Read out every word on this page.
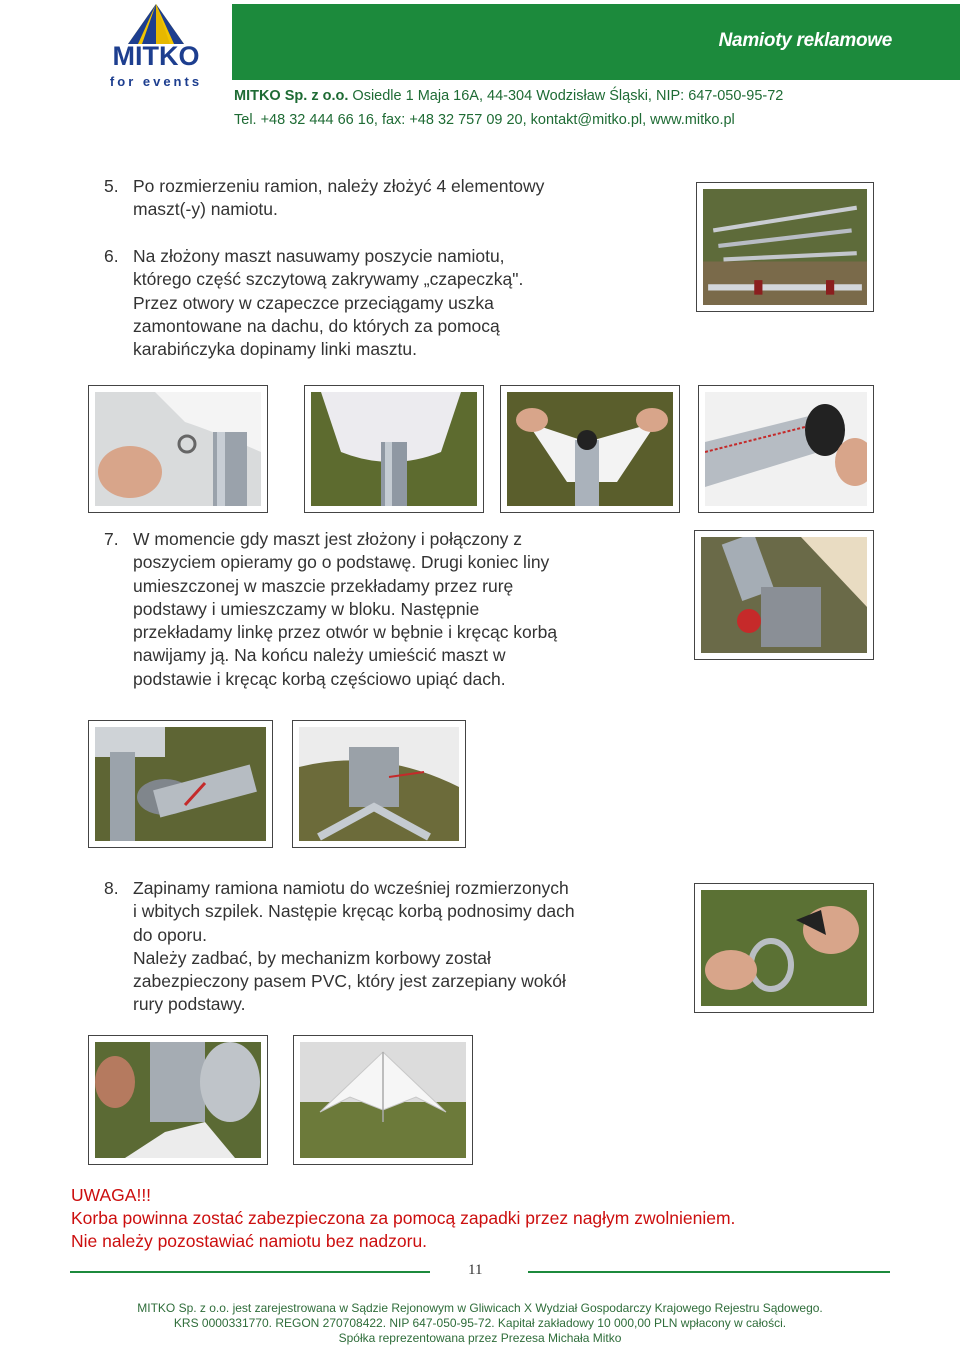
MITKO
for events
Namioty reklamowe
MITKO Sp. z o.o. Osiedle 1 Maja 16A, 44-304 Wodzisław Śląski, NIP: 647-050-95-72
Tel. +48 32 444 66 16, fax: +48 32 757 09 20, kontakt@mitko.pl, www.mitko.pl
5. Po rozmierzeniu ramion, należy złożyć 4 elementowy
maszt(-y) namiotu.
6. Na złożony maszt nasuwamy poszycie namiotu,
którego część szczytową zakrywamy „czapeczką".
Przez otwory w czapeczce przeciągamy uszka
zamontowane na dachu, do których za pomocą
karabińczyka dopinamy linki masztu.
7. W momencie gdy maszt jest złożony i połączony z
poszyciem opieramy go o podstawę. Drugi koniec liny
umieszczonej w maszcie przekładamy przez rurę
podstawy i umieszczamy w bloku. Następnie
przekładamy linkę przez otwór w bębnie i kręcąc korbą
nawijamy ją. Na końcu należy umieścić maszt w
podstawie i kręcąc korbą częściowo upiąć dach.
8. Zapinamy ramiona namiotu do wcześniej rozmierzonych
i wbitych szpilek. Następie kręcąc korbą podnosimy dach
do oporu.
Należy zadbać, by mechanizm korbowy został
zabezpieczony pasem PVC, który jest zarzepiany wokół
rury podstawy.
UWAGA!!!
Korba powinna zostać zabezpieczona za pomocą zapadki przez nagłym zwolnieniem.
Nie należy pozostawiać namiotu bez nadzoru.
11
MITKO Sp. z o.o. jest zarejestrowana w Sądzie Rejonowym w Gliwicach X Wydział Gospodarczy Krajowego Rejestru Sądowego.
KRS 0000331770. REGON 270708422. NIP 647-050-95-72. Kapitał zakładowy 10 000,00 PLN wpłacony w całości.
Spółka reprezentowana przez Prezesa Michała Mitko
